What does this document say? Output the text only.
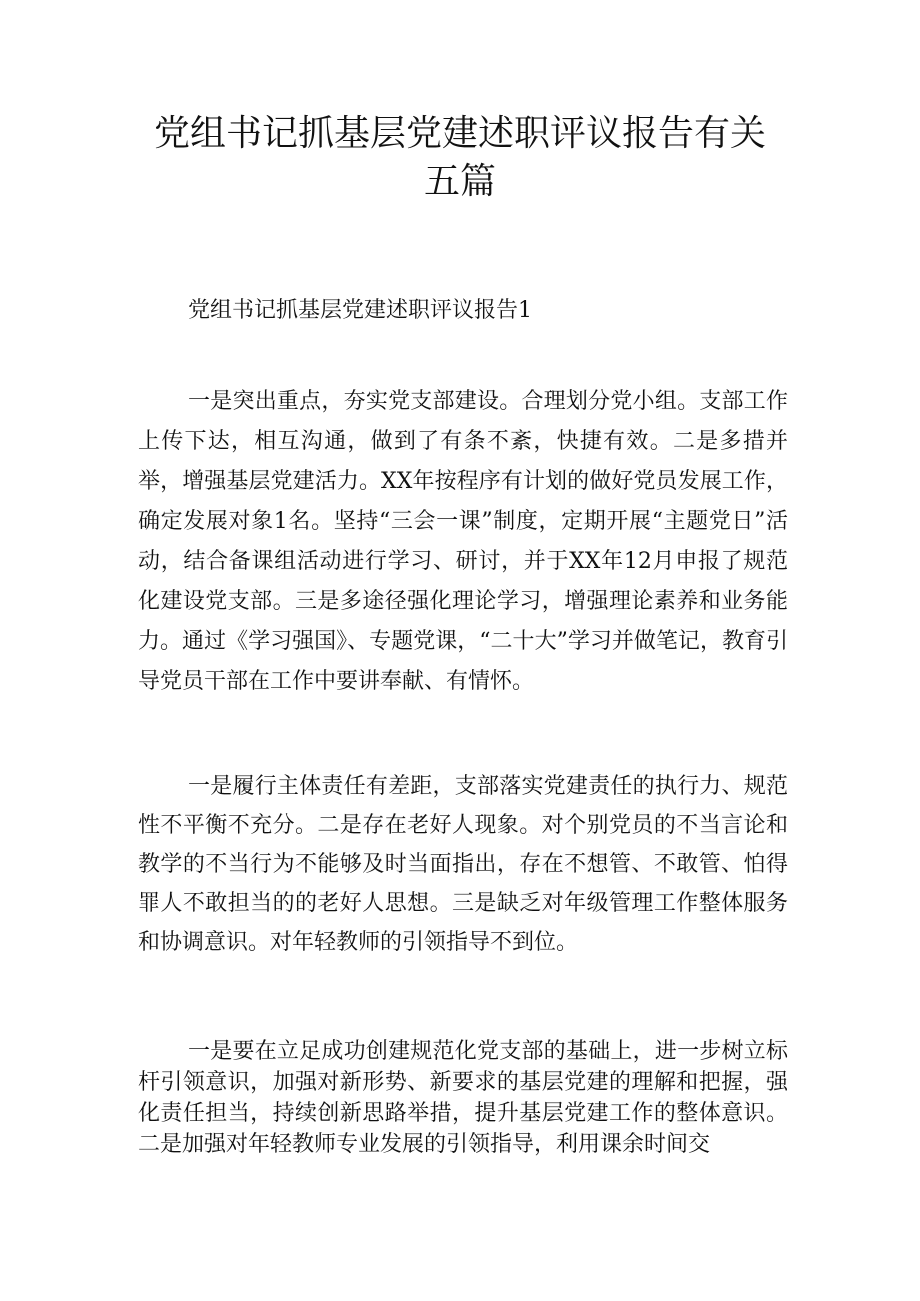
党组书记抓基层党建述职评议报告有关五篇
党组书记抓基层党建述职评议报告1

一是突出重点，夯实党支部建设。合理划分党小组。支部工作上传下达，相互沟通，做到了有条不紊，快捷有效。二是多措并举，增强基层党建活力。XX年按程序有计划的做好党员发展工作，确定发展对象1名。坚持“三会一课”制度，定期开展“主题党日”活动，结合备课组活动进行学习、研讨，并于XX年12月申报了规范化建设党支部。三是多途径强化理论学习，增强理论素养和业务能力。通过《学习强国》、专题党课，“二十大”学习并做笔记，教育引导党员干部在工作中要讲奉献、有情怀。

一是履行主体责任有差距，支部落实党建责任的执行力、规范性不平衡不充分。二是存在老好人现象。对个别党员的不当言论和教学的不当行为不能够及时当面指出，存在不想管、不敢管、怕得罪人不敢担当的的老好人思想。三是缺乏对年级管理工作整体服务和协调意识。对年轻教师的引领指导不到位。

一是要在立足成功创建规范化党支部的基础上，进一步树立标杆引领意识，加强对新形势、新要求的基层党建的理解和把握，强化责任担当，持续创新思路举措，提升基层党建工作的整体意识。二是加强对年轻教师专业发展的引领指导，利用课余时间交
